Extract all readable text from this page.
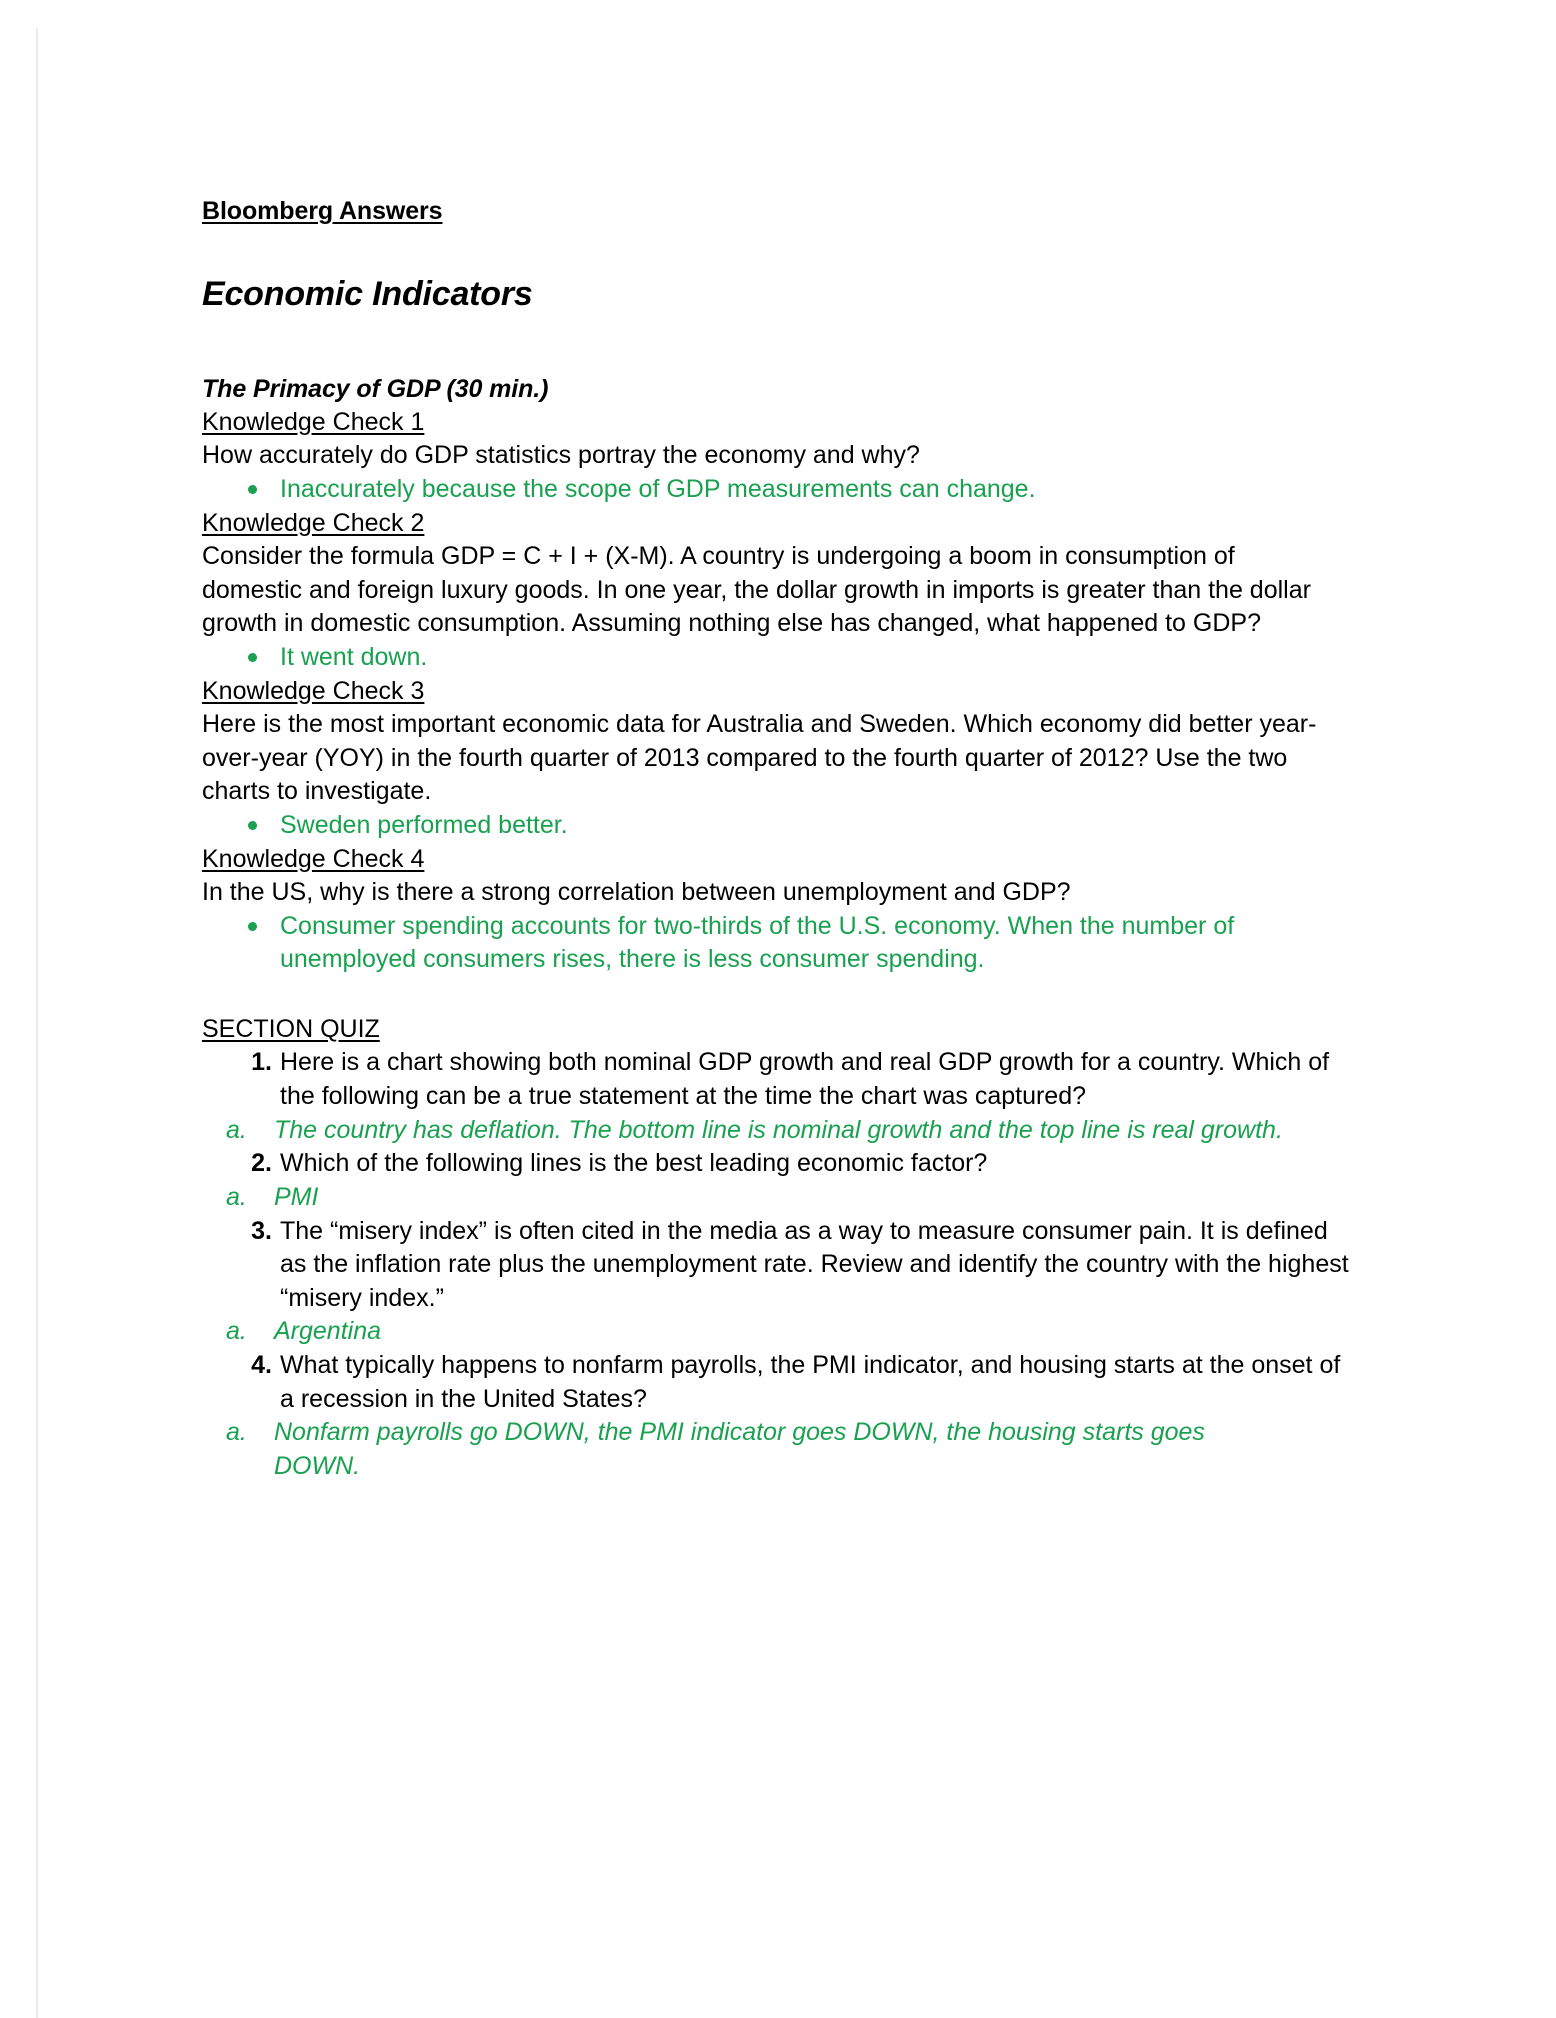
Bloomberg Answers
Economic Indicators
The Primacy of GDP (30 min.)
Knowledge Check 1

How accurately do GDP statistics portray the economy and why?

Inaccurately because the scope of GDP measurements can change.
Knowledge Check 2

Consider the formula GDP = C + I + (X-M). A country is undergoing a boom in consumption of domestic and foreign luxury goods. In one year, the dollar growth in imports is greater than the dollar growth in domestic consumption. Assuming nothing else has changed, what happened to GDP?

It went down.
Knowledge Check 3

Here is the most important economic data for Australia and Sweden. Which economy did better year-over-year (YOY) in the fourth quarter of 2013 compared to the fourth quarter of 2012? Use the two charts to investigate.

Sweden performed better.
Knowledge Check 4

In the US, why is there a strong correlation between unemployment and GDP?

Consumer spending accounts for two-thirds of the U.S. economy. When the number of unemployed consumers rises, there is less consumer spending.
SECTION QUIZ
1. Here is a chart showing both nominal GDP growth and real GDP growth for a country. Which of the following can be a true statement at the time the chart was captured?
a. The country has deflation. The bottom line is nominal growth and the top line is real growth.
2. Which of the following lines is the best leading economic factor?
a. PMI
3. The “misery index” is often cited in the media as a way to measure consumer pain. It is defined as the inflation rate plus the unemployment rate. Review and identify the country with the highest “misery index.”
a. Argentina
4. What typically happens to nonfarm payrolls, the PMI indicator, and housing starts at the onset of a recession in the United States?
a. Nonfarm payrolls go DOWN, the PMI indicator goes DOWN, the housing starts goes DOWN.
